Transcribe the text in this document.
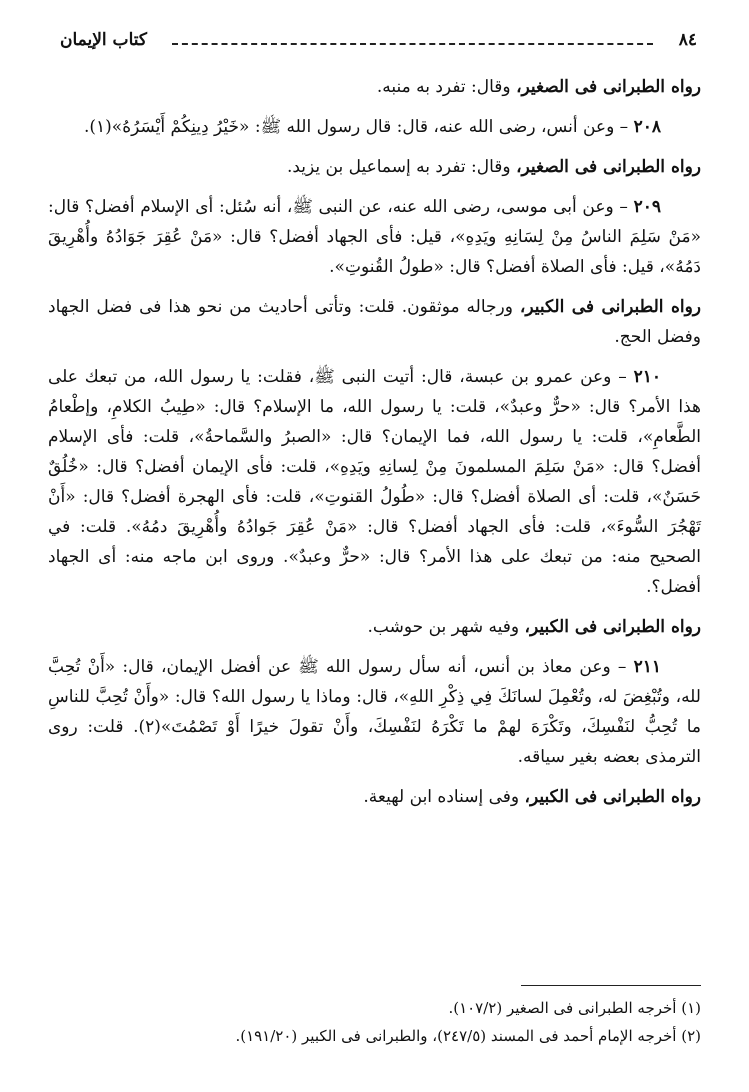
٨٤
كتاب الإيمان

رواه الطبرانى فى الصغير، وقال: تفرد به منبه.

٢٠٨ – وعن أنس، رضى الله عنه، قال: قال رسول الله ﷺ: «خَيْرُ دِينِكُمْ أَيْسَرُهُ»(١).

رواه الطبرانى فى الصغير، وقال: تفرد به إسماعيل بن يزيد.

٢٠٩ – وعن أبى موسى، رضى الله عنه، عن النبى ﷺ، أنه سُئل: أى الإسلام أفضل؟ قال: «مَنْ سَلِمَ الناسُ مِنْ لِسَانِهِ ويَدِهِ»، قيل: فأى الجهاد أفضل؟ قال: «مَنْ عُقِرَ جَوَادُهُ وأُهْرِيقَ دَمُهُ»، قيل: فأى الصلاة أفضل؟ قال: «طولُ القُنوتِ».

رواه الطبرانى فى الكبير، ورجاله موثقون. قلت: وتأتى أحاديث من نحو هذا فى فضل الجهاد وفضل الحج.

٢١٠ – وعن عمرو بن عبسة، قال: أتيت النبى ﷺ، فقلت: يا رسول الله، من تبعك على هذا الأمر؟ قال: «حرٌّ وعبدٌ»، قلت: يا رسول الله، ما الإسلام؟ قال: «طِيبُ الكلامِ، وإطْعامُ الطَّعامِ»، قلت: يا رسول الله، فما الإيمان؟ قال: «الصبرُ والسَّماحةُ»، قلت: فأى الإسلام أفضل؟ قال: «مَنْ سَلِمَ المسلمونَ مِنْ لِسانِهِ ويَدِهِ»، قلت: فأى الإيمان أفضل؟ قال: «خُلُقٌ حَسَنٌ»، قلت: أى الصلاة أفضل؟ قال: «طُولُ القنوتِ»، قلت: فأى الهجرة أفضل؟ قال: «أَنْ تَهْجُرَ السُّوءَ»، قلت: فأى الجهاد أفضل؟ قال: «مَنْ عُقِرَ جَوادُهُ وأُهْرِيقَ دمُهُ». قلت: في الصحيح منه: من تبعك على هذا الأمر؟ قال: «حرٌّ وعبدٌ». وروى ابن ماجه منه: أى الجهاد أفضل؟.

رواه الطبرانى فى الكبير، وفيه شهر بن حوشب.

٢١١ – وعن معاذ بن أنس، أنه سأل رسول الله ﷺ عن أفضل الإيمان، قال: «أَنْ تُحِبَّ لله، وتُبْغِضَ له، وتُعْمِلَ لسانَكَ فِي ذِكْرِ اللهِ»، قال: وماذا يا رسول الله؟ قال: «وأَنْ تُحِبَّ للناسِ ما تُحِبُّ لنَفْسِكَ، وتَكْرَهَ لهمْ ما تَكْرَهُ لنَفْسِكَ، وأَنْ تقولَ خيرًا أَوْ تَصْمُتَ»(٢). قلت: روى الترمذى بعضه بغير سياقه.

رواه الطبرانى فى الكبير، وفى إسناده ابن لهيعة.

(١) أخرجه الطبرانى فى الصغير (١٠٧/٢).

(٢) أخرجه الإمام أحمد فى المسند (٢٤٧/٥)، والطبرانى فى الكبير (١٩١/٢٠).
